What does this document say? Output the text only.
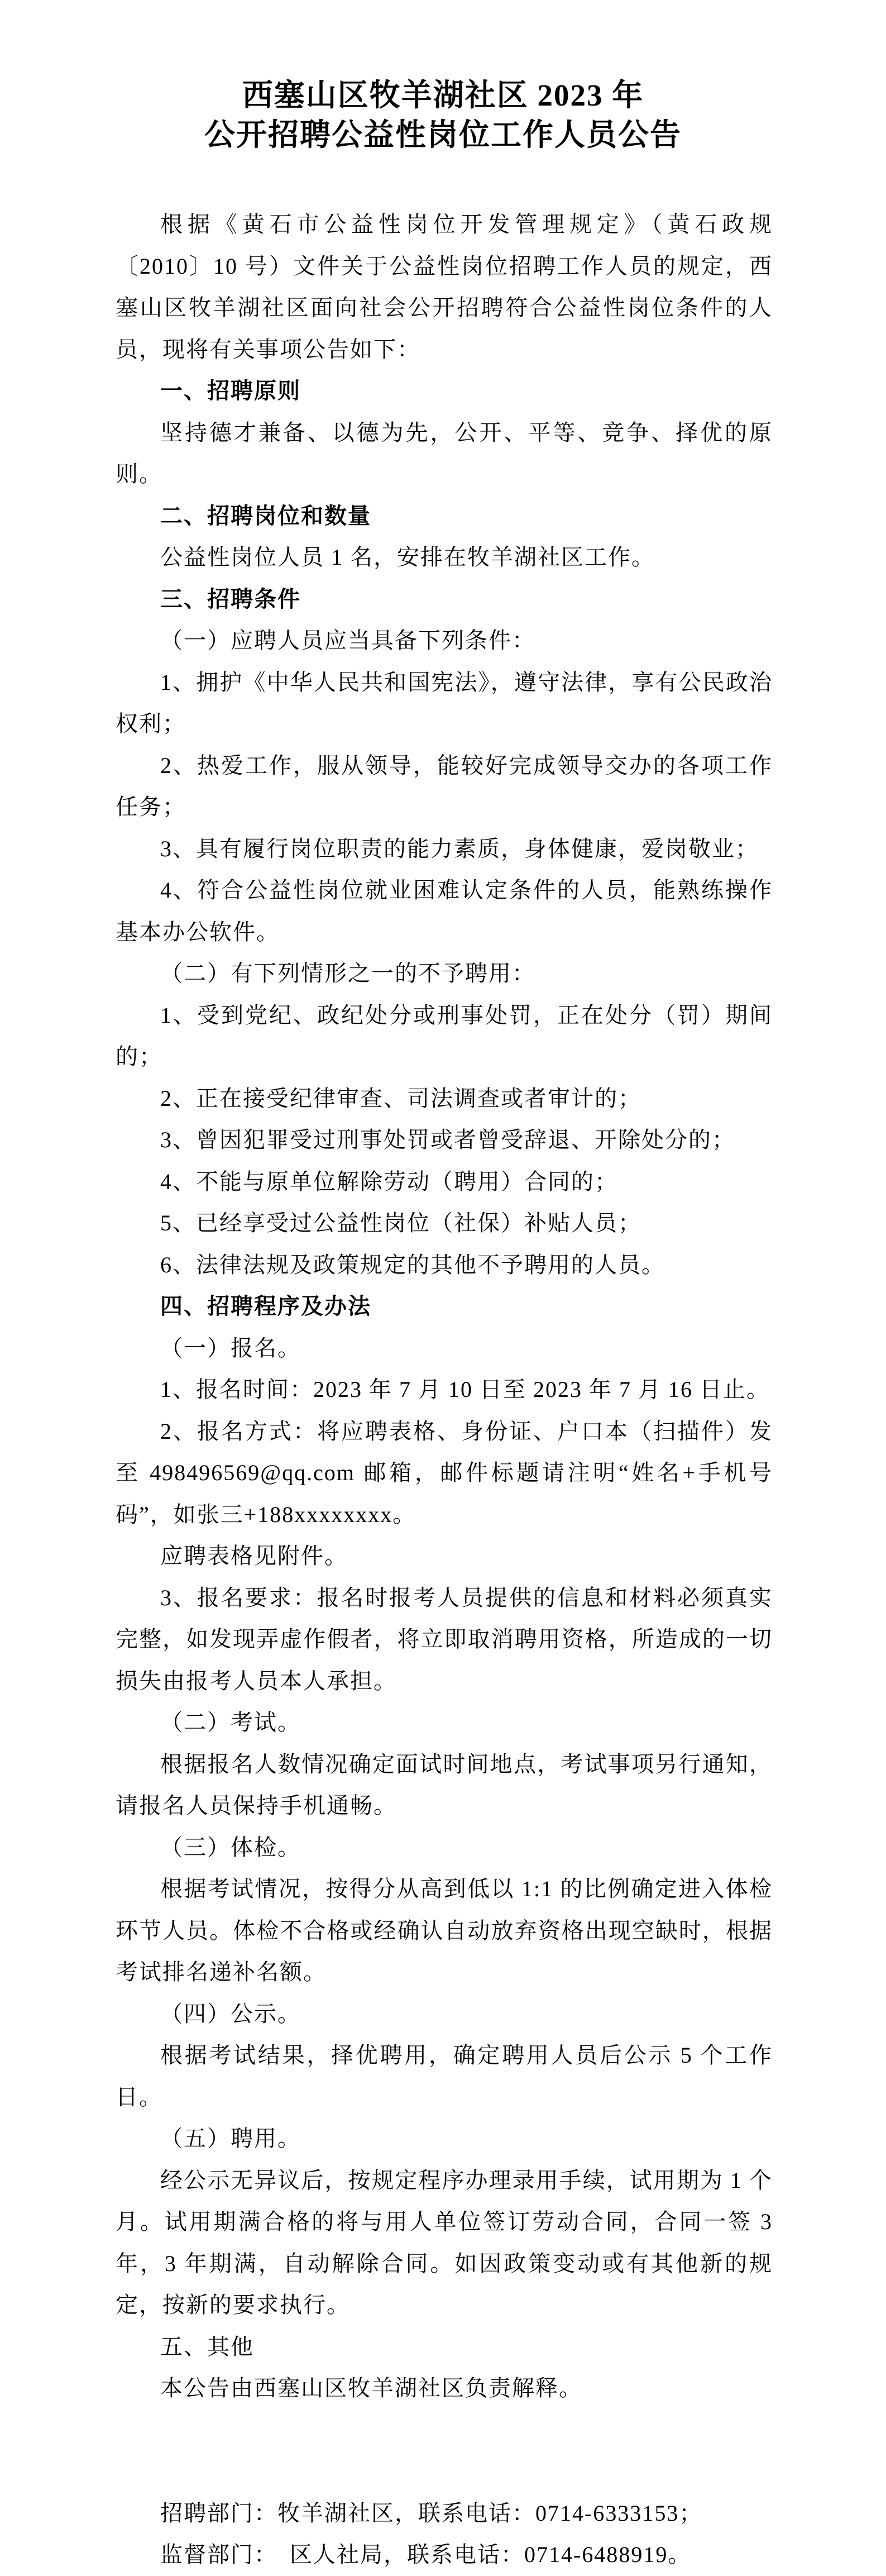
西塞山区牧羊湖社区 2023 年
公开招聘公益性岗位工作人员公告

根据《黄石市公益性岗位开发管理规定》（黄石政规〔2010〕10 号）文件关于公益性岗位招聘工作人员的规定，西塞山区牧羊湖社区面向社会公开招聘符合公益性岗位条件的人员，现将有关事项公告如下：

一、招聘原则

坚持德才兼备、以德为先，公开、平等、竞争、择优的原则。

二、招聘岗位和数量

公益性岗位人员 1 名，安排在牧羊湖社区工作。

三、招聘条件

（一）应聘人员应当具备下列条件：

1、拥护《中华人民共和国宪法》，遵守法律，享有公民政治权利；

2、热爱工作，服从领导，能较好完成领导交办的各项工作任务；

3、具有履行岗位职责的能力素质，身体健康，爱岗敬业；

4、符合公益性岗位就业困难认定条件的人员，能熟练操作基本办公软件。

（二）有下列情形之一的不予聘用：

1、受到党纪、政纪处分或刑事处罚，正在处分（罚）期间的；

2、正在接受纪律审查、司法调查或者审计的；

3、曾因犯罪受过刑事处罚或者曾受辞退、开除处分的；

4、不能与原单位解除劳动（聘用）合同的；

5、已经享受过公益性岗位（社保）补贴人员；

6、法律法规及政策规定的其他不予聘用的人员。

四、招聘程序及办法

（一）报名。

1、报名时间：2023 年 7 月 10 日至 2023 年 7 月 16 日止。

2、报名方式：将应聘表格、身份证、户口本（扫描件）发至 498496569@qq.com 邮箱，邮件标题请注明“姓名+手机号码”，如张三+188xxxxxxxx。

应聘表格见附件。

3、报名要求：报名时报考人员提供的信息和材料必须真实完整，如发现弄虚作假者，将立即取消聘用资格，所造成的一切损失由报考人员本人承担。

（二）考试。

根据报名人数情况确定面试时间地点，考试事项另行通知，请报名人员保持手机通畅。

（三）体检。

根据考试情况，按得分从高到低以 1:1 的比例确定进入体检环节人员。体检不合格或经确认自动放弃资格出现空缺时，根据考试排名递补名额。

（四）公示。

根据考试结果，择优聘用，确定聘用人员后公示 5 个工作日。

（五）聘用。

经公示无异议后，按规定程序办理录用手续，试用期为 1 个月。试用期满合格的将与用人单位签订劳动合同，合同一签 3 年，3 年期满，自动解除合同。如因政策变动或有其他新的规定，按新的要求执行。

五、其他

本公告由西塞山区牧羊湖社区负责解释。

招聘部门：牧羊湖社区，联系电话：0714-6333153；

监督部门：　区人社局，联系电话：0714-6488919。
